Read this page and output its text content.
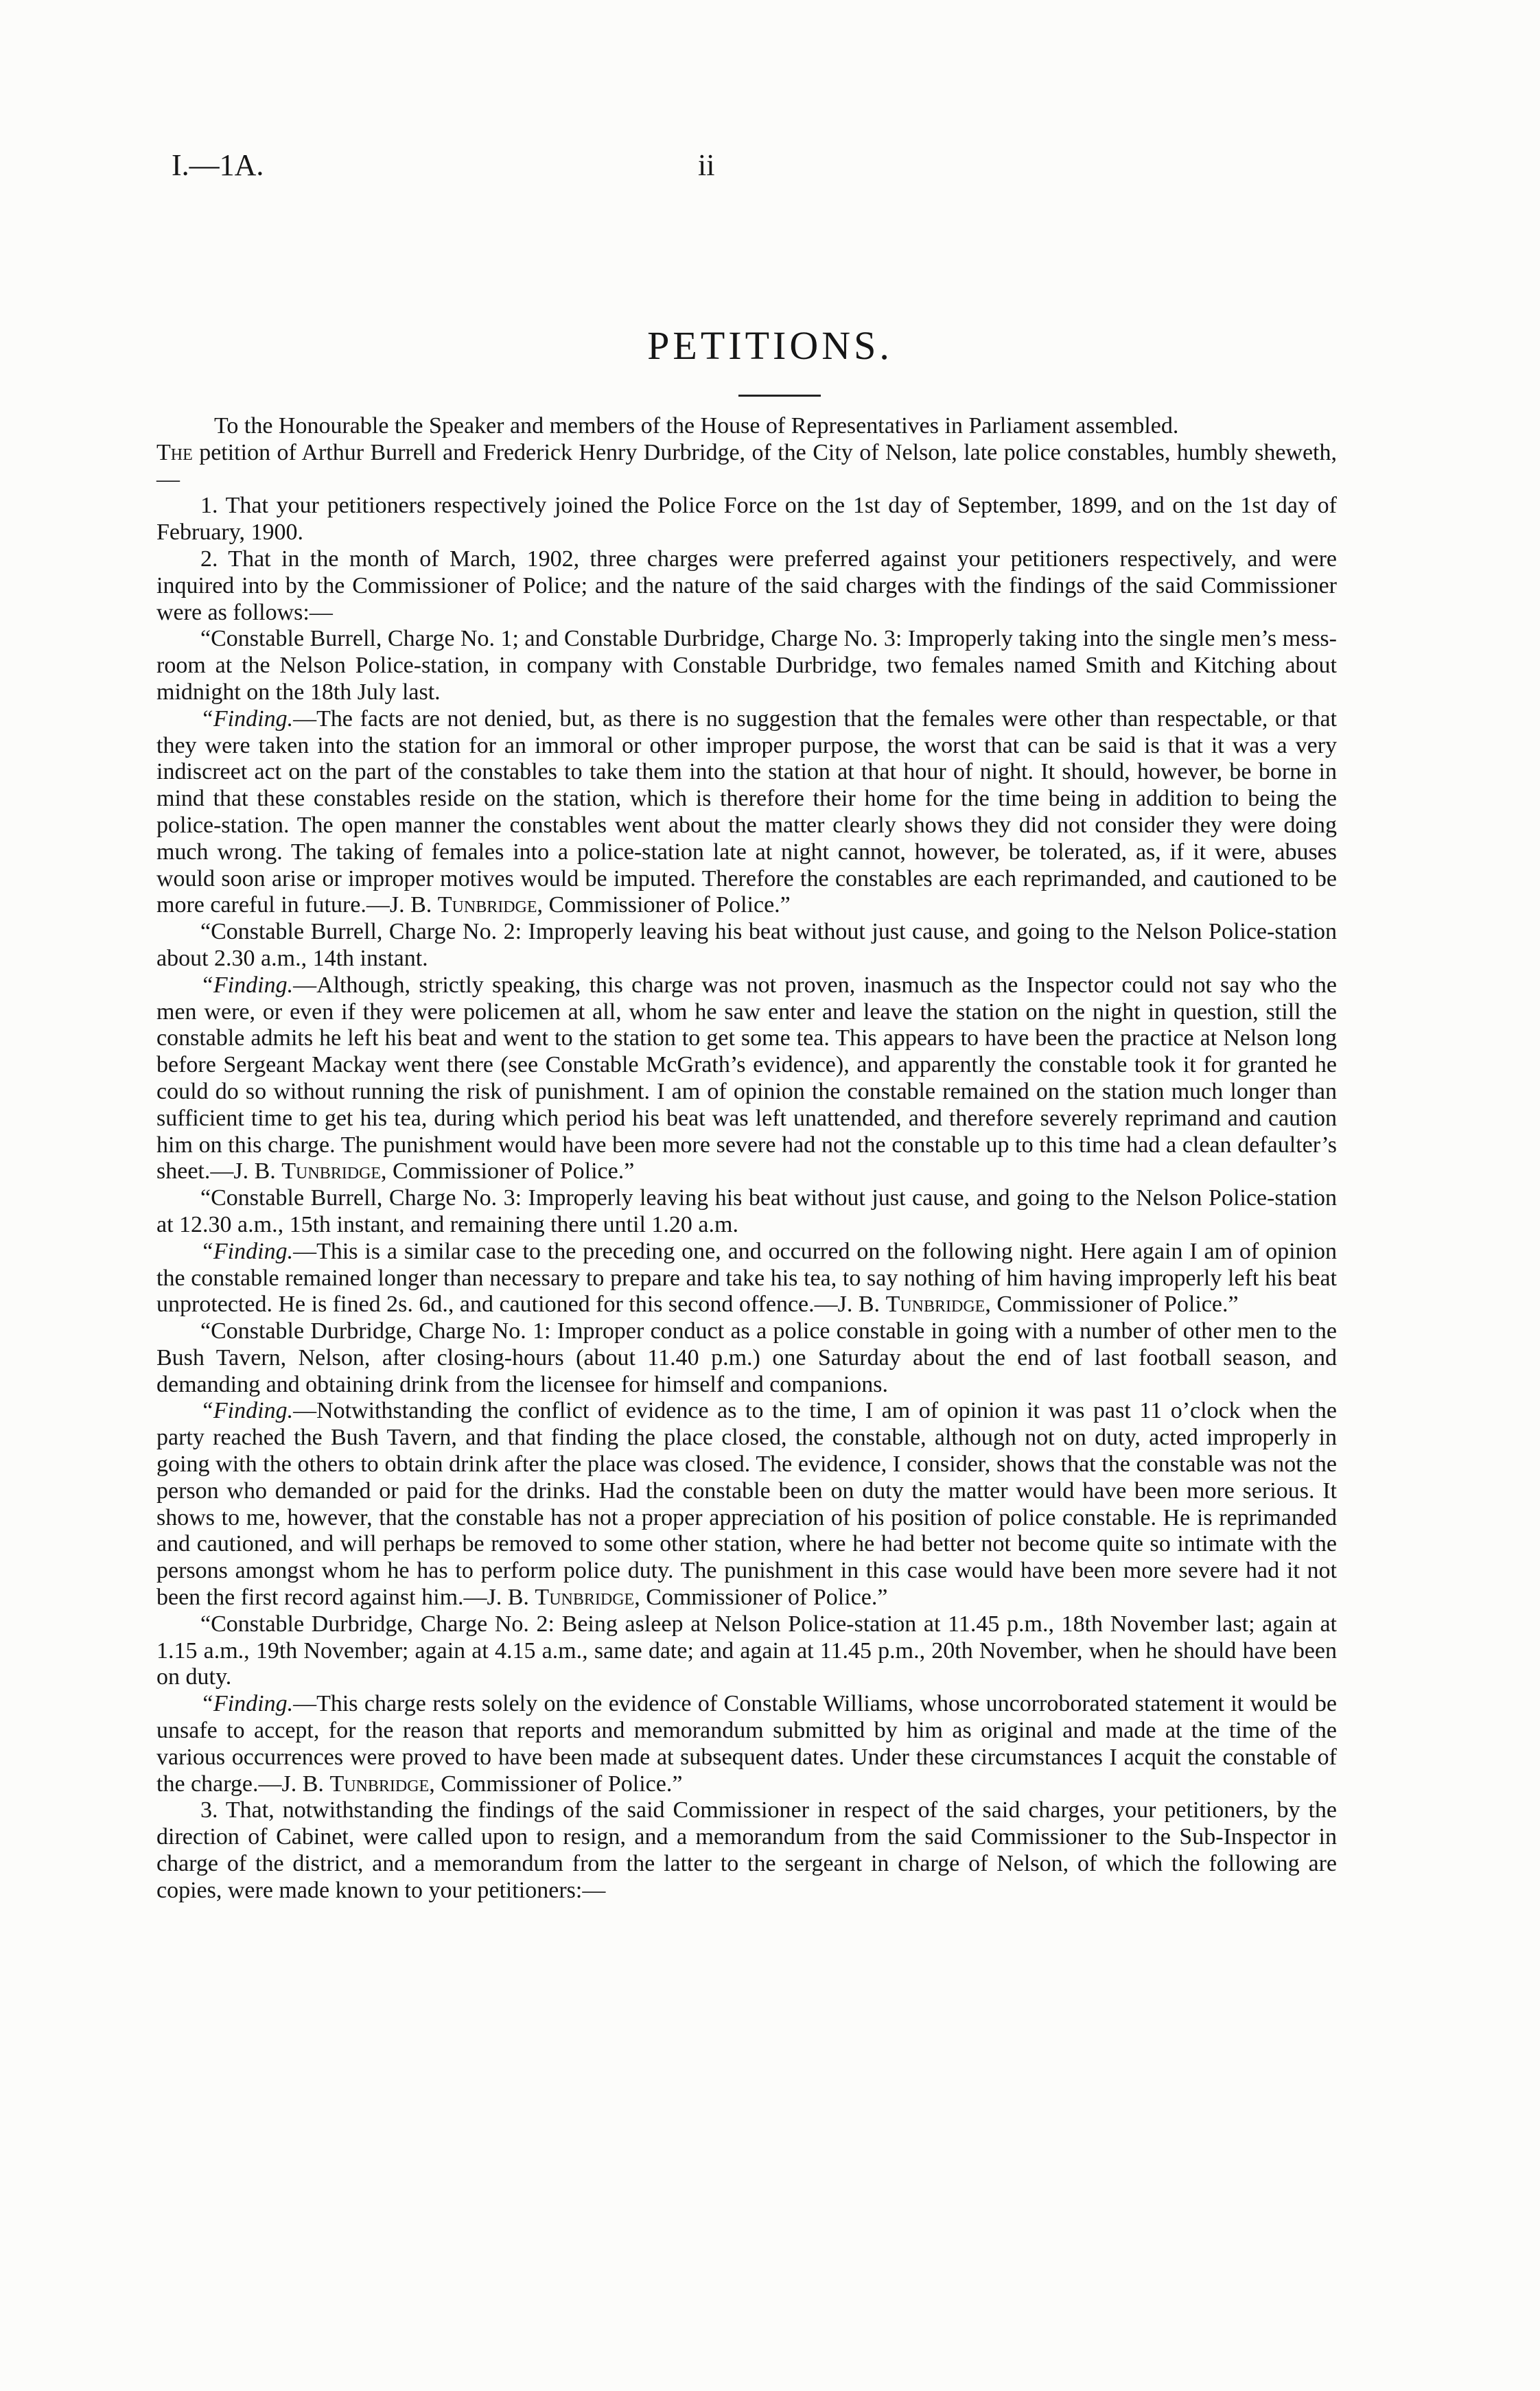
I.—1A.	ii
PETITIONS.

To the Honourable the Speaker and members of the House of Representatives in Parliament assembled.

The petition of Arthur Burrell and Frederick Henry Durbridge, of the City of Nelson, late police constables, humbly sheweth,—

1. That your petitioners respectively joined the Police Force on the 1st day of September, 1899, and on the 1st day of February, 1900.

2. That in the month of March, 1902, three charges were preferred against your petitioners respectively, and were inquired into by the Commissioner of Police; and the nature of the said charges with the findings of the said Commissioner were as follows:—

“Constable Burrell, Charge No. 1; and Constable Durbridge, Charge No. 3: Improperly taking into the single men’s mess-room at the Nelson Police-station, in company with Constable Durbridge, two females named Smith and Kitching about midnight on the 18th July last.

“Finding.—The facts are not denied, but, as there is no suggestion that the females were other than respectable, or that they were taken into the station for an immoral or other improper purpose, the worst that can be said is that it was a very indiscreet act on the part of the constables to take them into the station at that hour of night. It should, however, be borne in mind that these constables reside on the station, which is therefore their home for the time being in addition to being the police-station. The open manner the constables went about the matter clearly shows they did not consider they were doing much wrong. The taking of females into a police-station late at night cannot, however, be tolerated, as, if it were, abuses would soon arise or improper motives would be imputed. Therefore the constables are each reprimanded, and cautioned to be more careful in future.—J. B. Tunbridge, Commissioner of Police.”

“Constable Burrell, Charge No. 2: Improperly leaving his beat without just cause, and going to the Nelson Police-station about 2.30 a.m., 14th instant.

“Finding.—Although, strictly speaking, this charge was not proven, inasmuch as the Inspector could not say who the men were, or even if they were policemen at all, whom he saw enter and leave the station on the night in question, still the constable admits he left his beat and went to the station to get some tea. This appears to have been the practice at Nelson long before Sergeant Mackay went there (see Constable McGrath’s evidence), and apparently the constable took it for granted he could do so without running the risk of punishment. I am of opinion the constable remained on the station much longer than sufficient time to get his tea, during which period his beat was left unattended, and therefore severely reprimand and caution him on this charge. The punishment would have been more severe had not the constable up to this time had a clean defaulter’s sheet.—J. B. Tunbridge, Commissioner of Police.”

“Constable Burrell, Charge No. 3: Improperly leaving his beat without just cause, and going to the Nelson Police-station at 12.30 a.m., 15th instant, and remaining there until 1.20 a.m.

“Finding.—This is a similar case to the preceding one, and occurred on the following night. Here again I am of opinion the constable remained longer than necessary to prepare and take his tea, to say nothing of him having improperly left his beat unprotected. He is fined 2s. 6d., and cautioned for this second offence.—J. B. Tunbridge, Commissioner of Police.”

“Constable Durbridge, Charge No. 1: Improper conduct as a police constable in going with a number of other men to the Bush Tavern, Nelson, after closing-hours (about 11.40 p.m.) one Saturday about the end of last football season, and demanding and obtaining drink from the licensee for himself and companions.

“Finding.—Notwithstanding the conflict of evidence as to the time, I am of opinion it was past 11 o’clock when the party reached the Bush Tavern, and that finding the place closed, the constable, although not on duty, acted improperly in going with the others to obtain drink after the place was closed. The evidence, I consider, shows that the constable was not the person who demanded or paid for the drinks. Had the constable been on duty the matter would have been more serious. It shows to me, however, that the constable has not a proper appreciation of his position of police constable. He is reprimanded and cautioned, and will perhaps be removed to some other station, where he had better not become quite so intimate with the persons amongst whom he has to perform police duty. The punishment in this case would have been more severe had it not been the first record against him.—J. B. Tunbridge, Commissioner of Police.”

“Constable Durbridge, Charge No. 2: Being asleep at Nelson Police-station at 11.45 p.m., 18th November last; again at 1.15 a.m., 19th November; again at 4.15 a.m., same date; and again at 11.45 p.m., 20th November, when he should have been on duty.

“Finding.—This charge rests solely on the evidence of Constable Williams, whose uncorroborated statement it would be unsafe to accept, for the reason that reports and memorandum submitted by him as original and made at the time of the various occurrences were proved to have been made at subsequent dates. Under these circumstances I acquit the constable of the charge.—J. B. Tunbridge, Commissioner of Police.”

3. That, notwithstanding the findings of the said Commissioner in respect of the said charges, your petitioners, by the direction of Cabinet, were called upon to resign, and a memorandum from the said Commissioner to the Sub-Inspector in charge of the district, and a memorandum from the latter to the sergeant in charge of Nelson, of which the following are copies, were made known to your petitioners:—
